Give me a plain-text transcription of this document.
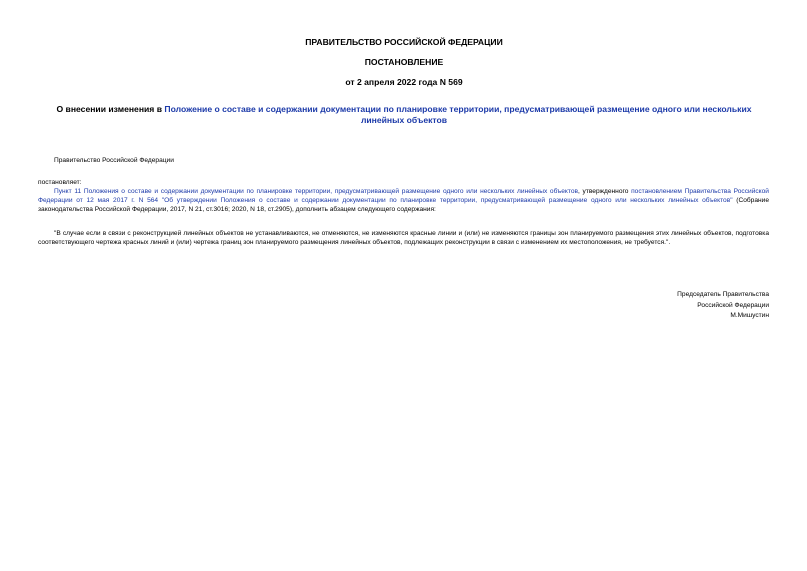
ПРАВИТЕЛЬСТВО РОССИЙСКОЙ ФЕДЕРАЦИИ
ПОСТАНОВЛЕНИЕ
от 2 апреля 2022 года N 569
О внесении изменения в Положение о составе и содержании документации по планировке территории, предусматривающей размещение одного или нескольких линейных объектов
Правительство Российской Федерации
постановляет:
Пункт 11 Положения о составе и содержании документации по планировке территории, предусматривающей размещение одного или нескольких линейных объектов, утвержденного постановлением Правительства Российской Федерации от 12 мая 2017 г. N 564 "Об утверждении Положения о составе и содержании документации по планировке территории, предусматривающей размещение одного или нескольких линейных объектов" (Собрание законодательства Российской Федерации, 2017, N 21, ст.3016; 2020, N 18, ст.2905), дополнить абзацем следующего содержания:
"В случае если в связи с реконструкцией линейных объектов не устанавливаются, не отменяются, не изменяются красные линии и (или) не изменяются границы зон планируемого размещения этих линейных объектов, подготовка соответствующего чертежа красных линий и (или) чертежа границ зон планируемого размещения линейных объектов, подлежащих реконструкции в связи с изменением их местоположения, не требуется.".
Председатель Правительства
Российской Федерации
М.Мишустин
